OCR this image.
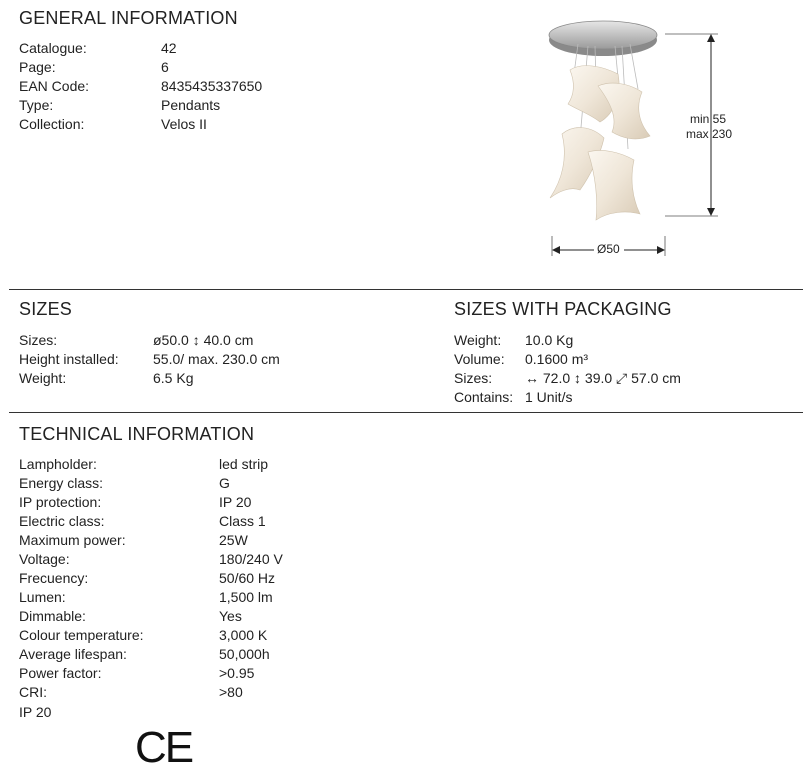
GENERAL INFORMATION
Catalogue:	42
Page:	6
EAN Code:	8435435337650
Type:	Pendants
Collection:	Velos II	min 55
max 230
Ø50
SIZES
Sizes:	ø50.0 ↕ 40.0 cm
Height installed: 55.0/ max. 230.0 cm
Weight:	6.5 Kg
SIZES WITH PACKAGING
Weight: 10.0 Kg
Volume: 0.1600 m³
Sizes: ↔ 72.0 ↕ 39.0 ⤢ 57.0 cm
Contains: 1 Unit/s
TECHNICAL INFORMATION
Lampholder:	led strip
Energy class:	G
IP protection:	IP 20
Electric class:	Class 1
Maximum power:	25W
Voltage:	180/240 V
Frecuency:	50/60 Hz
Lumen:	1,500 lm
Dimmable:	Yes
Colour temperature:	3,000 K
Average lifespan:	50,000h
Power factor:	>0.95
CRI:	>80
IP 20
CE
